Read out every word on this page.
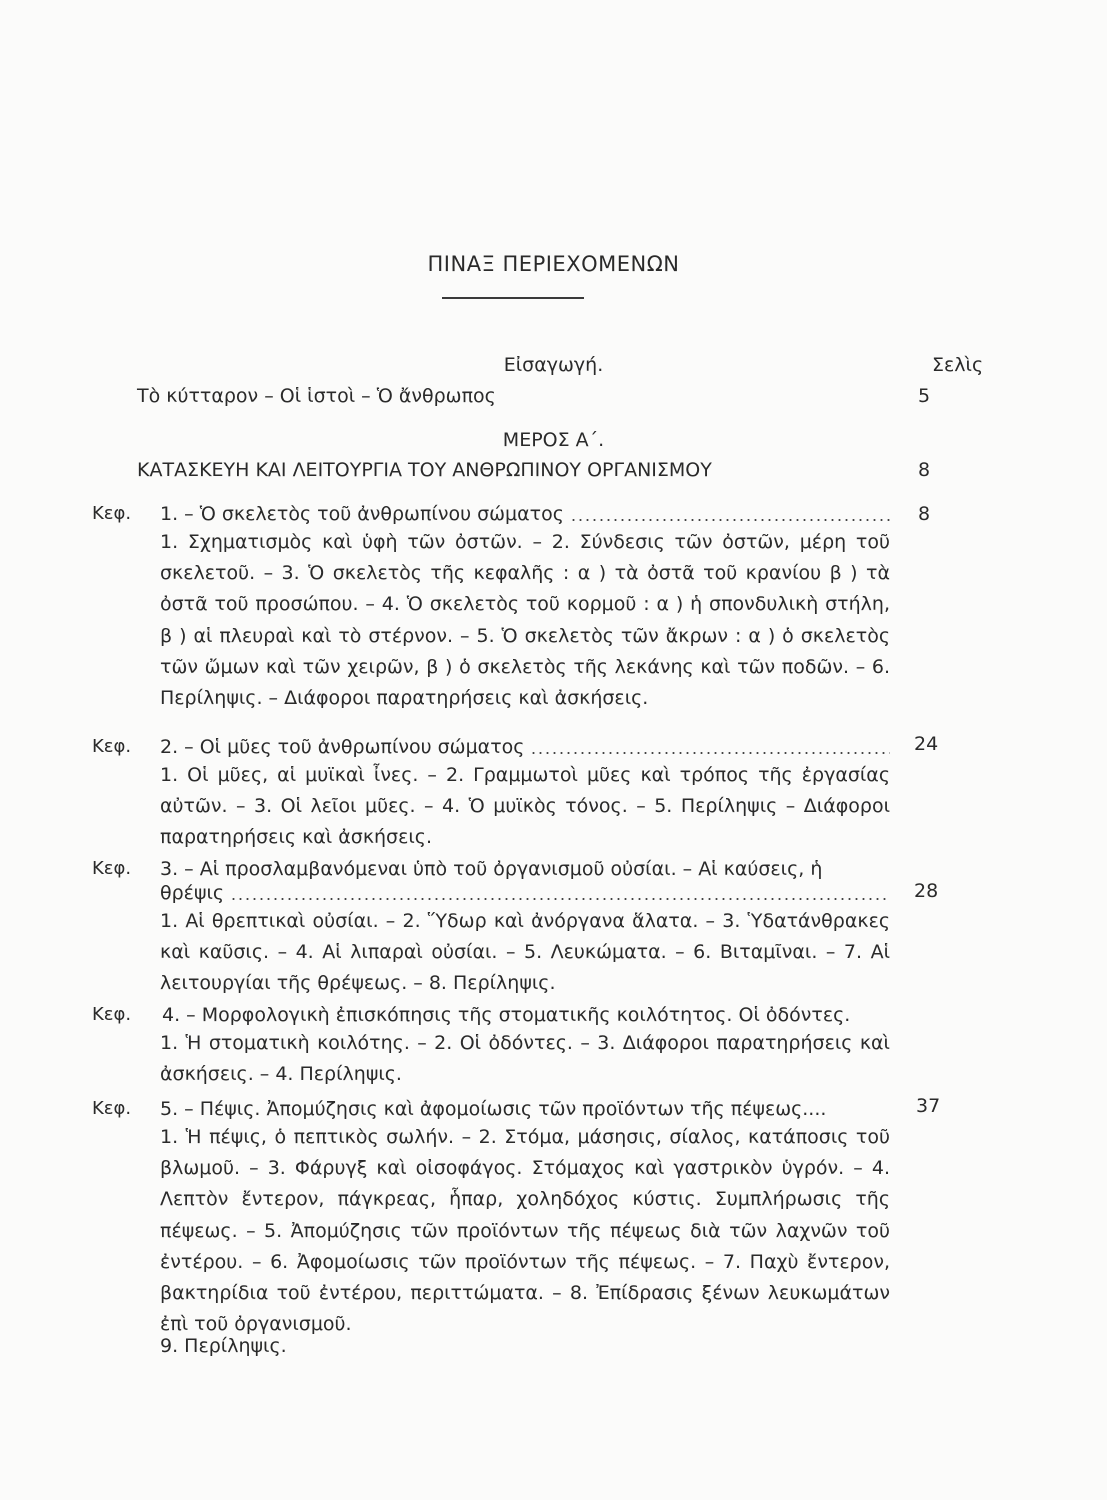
ΠΙΝΑΞ ΠΕΡΙΕΧΟΜΕΝΩΝ
Εἰσαγωγή.	Σελὶς
Τὸ κύτταρον – Οἱ ἱστοὶ – Ὁ ἄνθρωπος	5
ΜΕΡΟΣ Α΄.
ΚΑΤΑΣΚΕΥΗ ΚΑΙ ΛΕΙΤΟΥΡΓΙΑ ΤΟΥ ΑΝΘΡΩΠΙΝΟΥ ΟΡΓΑΝΙΣΜΟΥ	8
Κεφ. 1. – Ὁ σκελετὸς τοῦ ἀνθρωπίνου σώματος	8

1. Σχηματισμὸς καὶ ὑφὴ τῶν ὀστῶν. – 2. Σύνδεσις τῶν ὀστῶν, μέρη τοῦ σκελετοῦ. – 3. Ὁ σκελετὸς τῆς κεφαλῆς : α ) τὰ ὀστᾶ τοῦ κρανίου β ) τὰ ὀστᾶ τοῦ προσώπου. – 4. Ὁ σκελετὸς τοῦ κορμοῦ : α ) ἡ σπονδυλικὴ στήλη, β ) αἱ πλευραὶ καὶ τὸ στέρνον. – 5. Ὁ σκελετὸς τῶν ἄκρων : α ) ὁ σκελετὸς τῶν ὤμων καὶ τῶν χειρῶν, β ) ὁ σκελετὸς τῆς λεκάνης καὶ τῶν ποδῶν. – 6. Περίληψις. – Διάφοροι παρατηρήσεις καὶ ἀσκήσεις.

Κεφ. 2. – Οἱ μῦες τοῦ ἀνθρωπίνου σώματος	24

1. Οἱ μῦες, αἱ μυϊκαὶ ἶνες. – 2. Γραμμωτοὶ μῦες καὶ τρόπος τῆς ἐργασίας αὐτῶν. – 3. Οἱ λεῖοι μῦες. – 4. Ὁ μυϊκὸς τόνος. – 5. Περίληψις – Διάφοροι παρατηρήσεις καὶ ἀσκήσεις.

Κεφ. 3. – Αἱ προσλαμβανόμεναι ὑπὸ τοῦ ὀργανισμοῦ οὐσίαι. – Αἱ καύσεις, ἡ
θρέψις	28

1. Αἱ θρεπτικαὶ οὐσίαι. – 2. Ὕδωρ καὶ ἀνόργανα ἅλατα. – 3. Ὑδατάνθρακες καὶ καῦσις. – 4. Αἱ λιπαραὶ οὐσίαι. – 5. Λευκώματα. – 6. Βιταμῖναι. – 7. Αἱ λειτουργίαι τῆς θρέψεως. – 8. Περίληψις.

Κεφ. 4. – Μορφολογικὴ ἐπισκόπησις τῆς στοματικῆς κοιλότητος. Οἱ ὀδόντες.

1. Ἡ στοματικὴ κοιλότης. – 2. Οἱ ὀδόντες. – 3. Διάφοροι παρατηρήσεις καὶ ἀσκήσεις. – 4. Περίληψις.

Κεφ. 5. – Πέψις. Ἀπομύζησις καὶ ἀφομοίωσις τῶν προϊόντων τῆς πέψεως....	37

1. Ἡ πέψις, ὁ πεπτικὸς σωλήν. – 2. Στόμα, μάσησις, σίαλος, κατάποσις τοῦ βλωμοῦ. – 3. Φάρυγξ καὶ οἰσοφάγος. Στόμαχος καὶ γαστρικὸν ὑγρόν. – 4. Λεπτὸν ἔντερον, πάγκρεας, ἧπαρ, χοληδόχος κύστις. Συμπλήρωσις τῆς πέψεως. – 5. Ἀπομύζησις τῶν προϊόντων τῆς πέψεως διὰ τῶν λαχνῶν τοῦ ἐντέρου. – 6. Ἀφομοίωσις τῶν προϊόντων τῆς πέψεως. – 7. Παχὺ ἔντερον, βακτηρίδια τοῦ ἐντέρου, περιττώματα. – 8. Ἐπίδρασις ξένων λευκωμάτων ἐπὶ τοῦ ὀργανισμοῦ.

9. Περίληψις.
